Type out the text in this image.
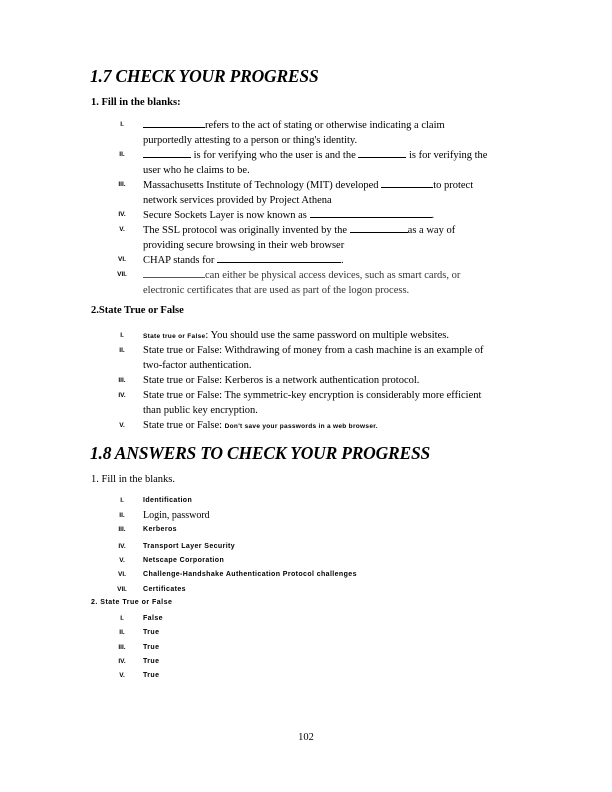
1.7 CHECK YOUR PROGRESS
1. Fill in the blanks:
I.	refers to the act of stating or otherwise indicating a claim
purportedly attesting to a person or thing's identity.
II.	is for verifying who the user is and the	is for verifying the
user who he claims to be.
III.	Massachusetts Institute of Technology (MIT) developed	to protect
network services provided by Project Athena
IV.	Secure Sockets Layer is now known as	.
V.	The SSL protocol was originally invented by the	as a way of
providing secure browsing in their web browser
VI.	CHAP stands for	.
VII.	can either be physical access devices, such as smart cards, or
electronic certificates that are used as part of the logon process.
2.State True or False
I.	State true or False: You should use the same password on multiple websites.
II.	State true or False: Withdrawing of money from a cash machine is an example of
two-factor authentication.
III.	State true or False: Kerberos is a network authentication protocol.
IV.	State true or False: The symmetric-key encryption is considerably more efficient
than public key encryption.
V.	State true or False: Don't save your passwords in a web browser.
1.8 ANSWERS TO CHECK YOUR PROGRESS
1. Fill in the blanks.
I.	Identification
II.	Login, password
III.	Kerberos
IV.	Transport Layer Security
V.	Netscape Corporation
VI.	Challenge-Handshake Authentication Protocol challenges
VII.	Certificates
2. State True or False
I.	False
II.	True
III.	True
IV.	True
V.	True
102
